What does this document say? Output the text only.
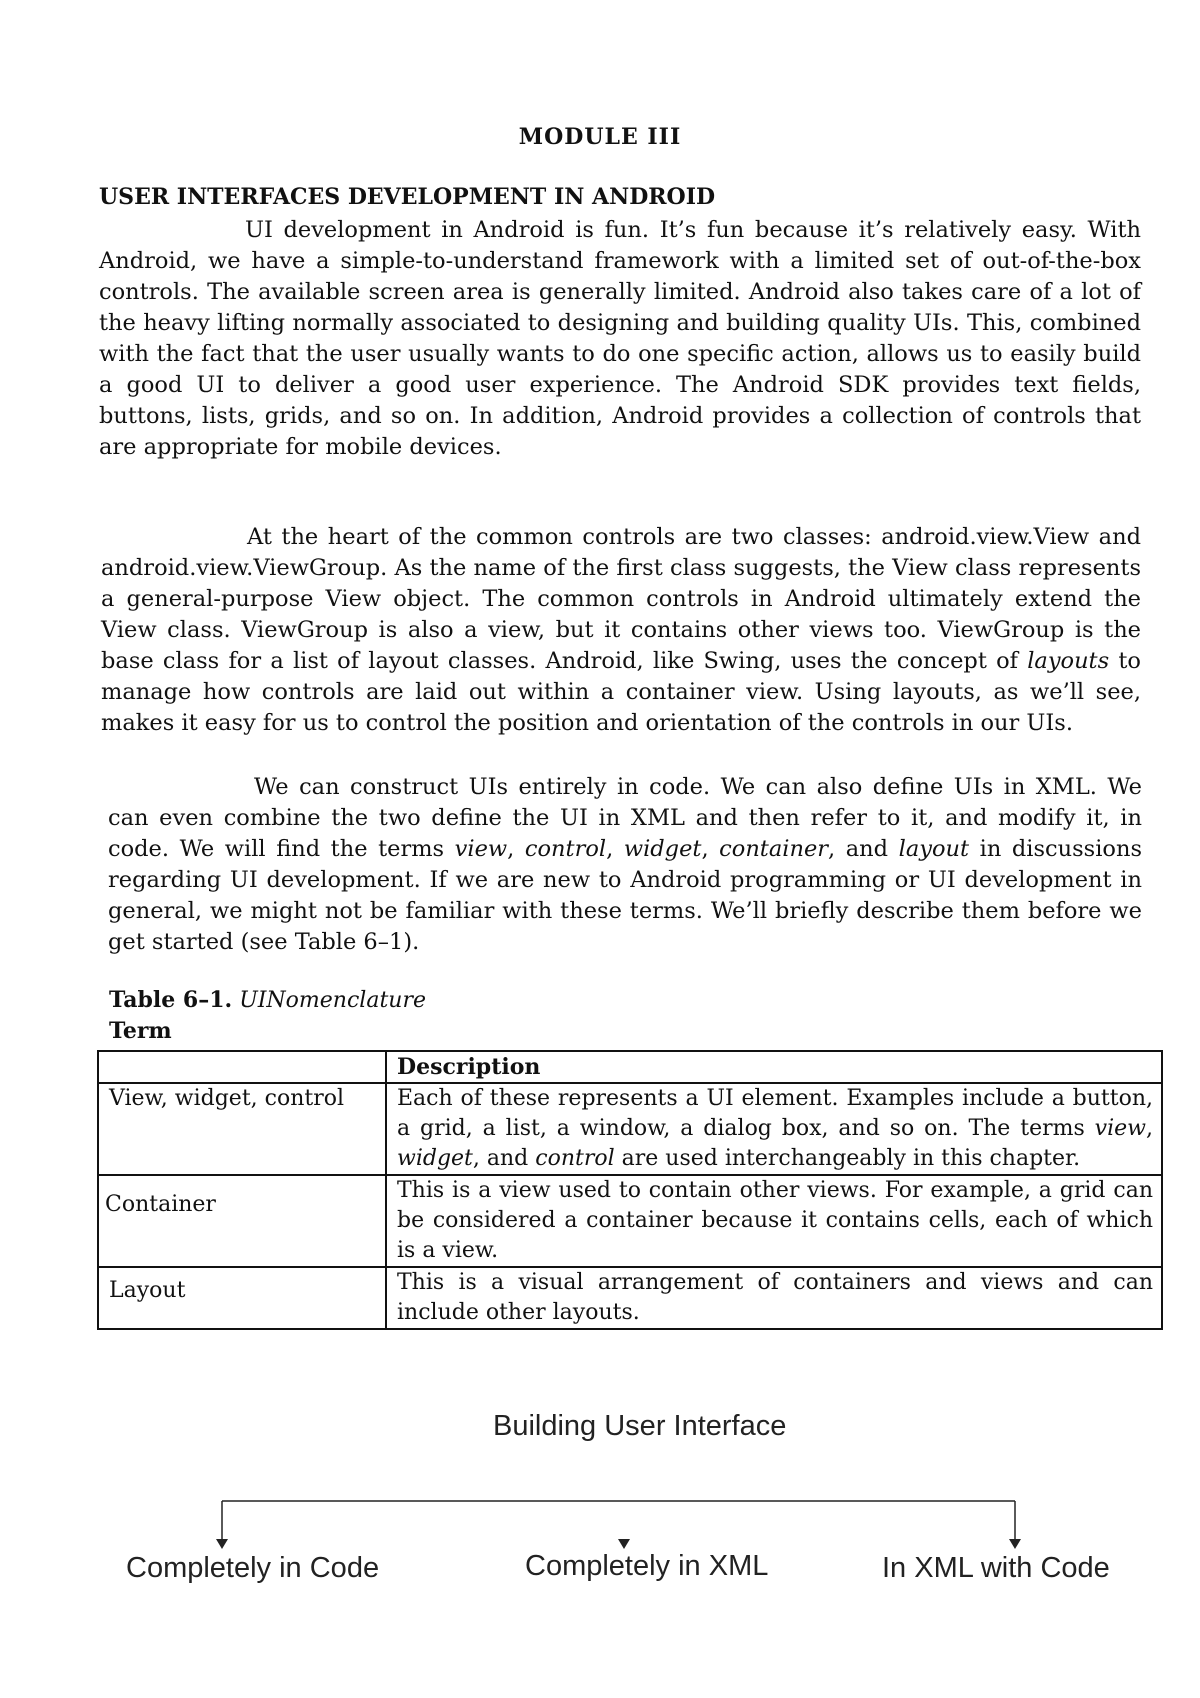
MODULE III
USER INTERFACES DEVELOPMENT IN ANDROID

UI development in Android is fun. It’s fun because it’s relatively easy. With Android, we have a simple-to-understand framework with a limited set of out-of-the-box controls. The available screen area is generally limited. Android also takes care of a lot of the heavy lifting normally associated to designing and building quality UIs. This, combined with the fact that the user usually wants to do one specific action, allows us to easily build a good UI to deliver a good user experience. The Android SDK provides text fields, buttons, lists, grids, and so on. In addition, Android provides a collection of controls that are appropriate for mobile devices.

At the heart of the common controls are two classes: android.view.View and android.view.ViewGroup. As the name of the first class suggests, the View class represents a general-purpose View object. The common controls in Android ultimately extend the View class. ViewGroup is also a view, but it contains other views too. ViewGroup is the base class for a list of layout classes. Android, like Swing, uses the concept of layouts to manage how controls are laid out within a container view. Using layouts, as we’ll see, makes it easy for us to control the position and orientation of the controls in our UIs.

We can construct UIs entirely in code. We can also define UIs in XML. We can even combine the two define the UI in XML and then refer to it, and modify it, in code. We will find the terms view, control, widget, container, and layout in discussions regarding UI development. If we are new to Android programming or UI development in general, we might not be familiar with these terms. We’ll briefly describe them before we get started (see Table 6–1).

Table 6–1. UINomenclature
Term
	Description

View, widget, control	Each of these represents a UI element. Examples include a button, a grid, a list, a window, a dialog box, and so on. The terms view, widget, and control are used interchangeably in this chapter.
Container	This is a view used to contain other views. For example, a grid can be considered a container because it contains cells, each of which is a view.
Layout	This is a visual arrangement of containers and views and can include other layouts.
Building User Interface
Completely in Code	Completely in XML	In XML with Code
